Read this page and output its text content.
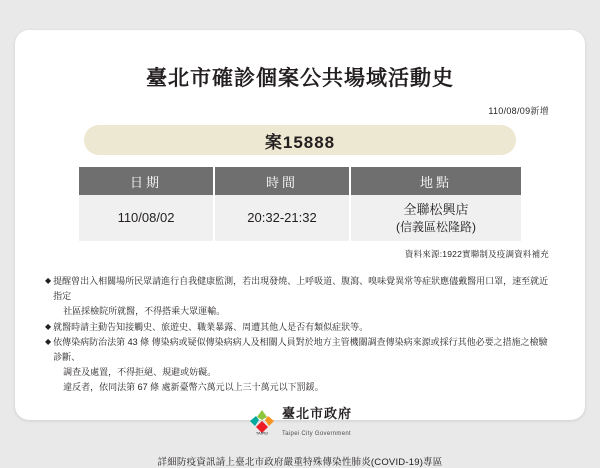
臺北市確診個案公共場域活動史
110/08/09新增
案15888
日期	時間	地點
110/08/02	20:32-21:32	全聯松興店
(信義區松隆路)
資料來源:1922實聯制及疫調資料補充
◆ 提醒曾出入相關場所民眾請進行自我健康監測，若出現發燒、上呼吸道、腹瀉、嗅味覺異常等症狀應儘戴醫用口罩，速至就近指定
社區採檢院所就醫，不得搭乘大眾運輸。
◆ 就醫時請主動告知接觸史、旅遊史、職業暴露、周遭其他人是否有類似症狀等。
◆ 依傳染病防治法第 43 條 傳染病或疑似傳染病病人及相關人員對於地方主管機關調查傳染病來源或採行其他必要之措施之檢驗診斷、
調查及處置，不得拒絕、規避或妨礙。
違反者，依同法第 67 條 處新臺幣六萬元以上三十萬元以下罰鍰。
TAIPEI
臺北市政府
Taipei City Government
詳細防疫資訊請上臺北市政府嚴重特殊傳染性肺炎(COVID-19)專區
